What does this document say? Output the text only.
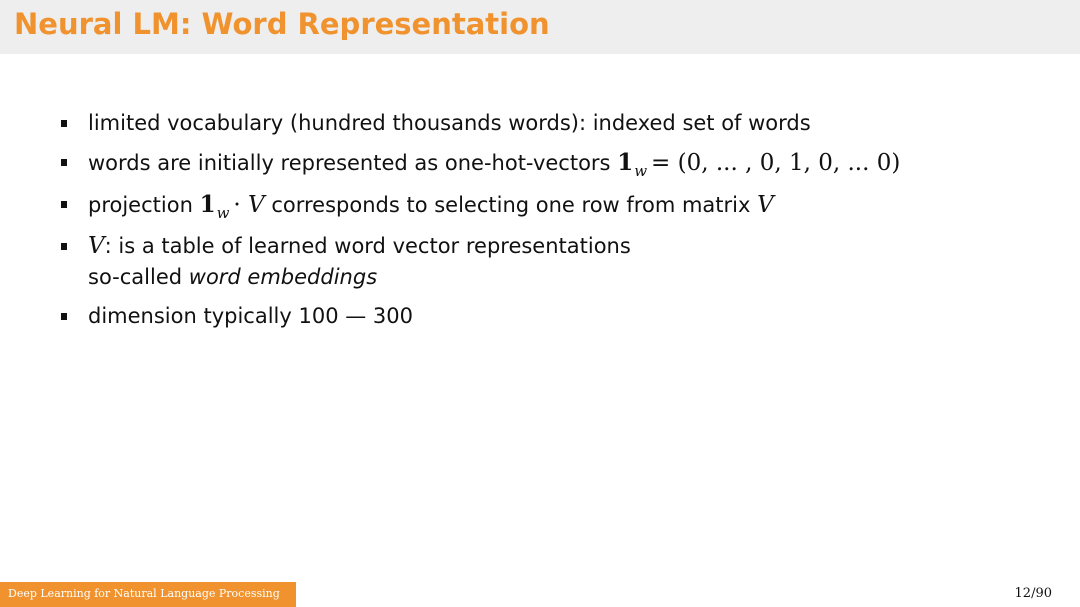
Neural LM: Word Representation
limited vocabulary (hundred thousands words): indexed set of words
words are initially represented as one-hot-vectors $1_w = (0$, ... , 0, 1, 0, ... 0)
projection $1_w \cdot V$ corresponds to selecting one row from matrix V
V: is a table of learned word vector representations
so-called word embeddings
dimension typically 100 — 300
Deep Learning for Natural Language Processing	12/90
